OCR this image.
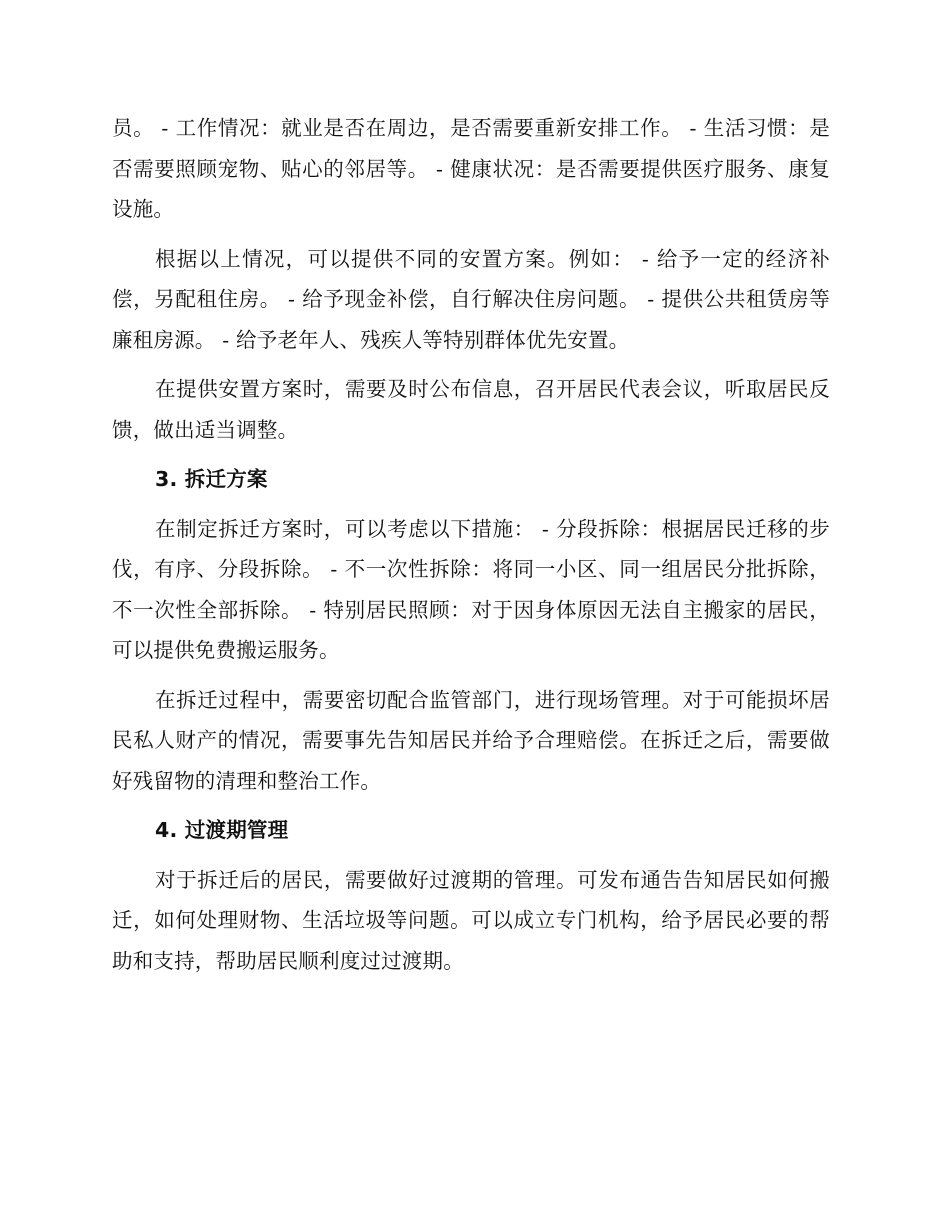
员。 - 工作情况：就业是否在周边，是否需要重新安排工作。 - 生活习惯：是否需要照顾宠物、贴心的邻居等。 - 健康状况：是否需要提供医疗服务、康复设施。

根据以上情况，可以提供不同的安置方案。例如： - 给予一定的经济补偿，另配租住房。 - 给予现金补偿，自行解决住房问题。 - 提供公共租赁房等廉租房源。 - 给予老年人、残疾人等特别群体优先安置。

在提供安置方案时，需要及时公布信息，召开居民代表会议，听取居民反馈，做出适当调整。

3. 拆迁方案

在制定拆迁方案时，可以考虑以下措施： - 分段拆除：根据居民迁移的步伐，有序、分段拆除。 - 不一次性拆除：将同一小区、同一组居民分批拆除，不一次性全部拆除。 - 特别居民照顾：对于因身体原因无法自主搬家的居民，可以提供免费搬运服务。

在拆迁过程中，需要密切配合监管部门，进行现场管理。对于可能损坏居民私人财产的情况，需要事先告知居民并给予合理赔偿。在拆迁之后，需要做好残留物的清理和整治工作。

4. 过渡期管理

对于拆迁后的居民，需要做好过渡期的管理。可发布通告告知居民如何搬迁，如何处理财物、生活垃圾等问题。可以成立专门机构，给予居民必要的帮助和支持，帮助居民顺利度过过渡期。
